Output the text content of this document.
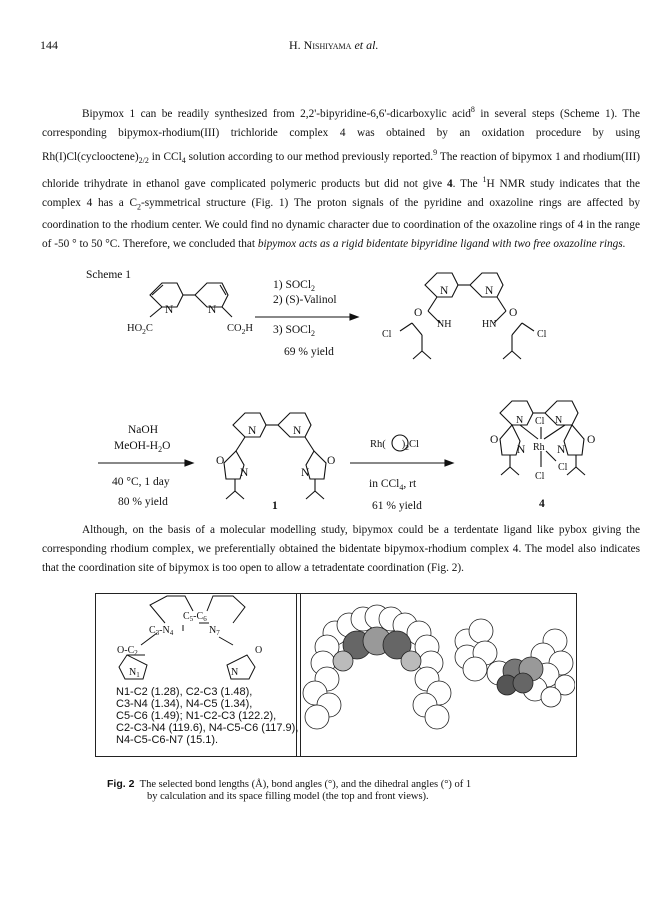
144	H. Nishiyama et al.
Bipymox 1 can be readily synthesized from 2,2'-bipyridine-6,6'-dicarboxylic acid$^8$ in several steps (Scheme 1). The corresponding bipymox-rhodium(III) trichloride complex 4 was obtained by an oxidation procedure by using $Rh(I)Cl(cyclooctene)_{2/2}$ in CCl$_4$ solution according to our method previously reported.$^9$ The reaction of bipymox 1 and rhodium(III) chloride trihydrate in ethanol gave complicated polymeric products but did not give 4. The $^1$H NMR study indicates that the complex 4 has a $C_2$-symmetrical structure (Fig. 1) The proton signals of the pyridine and oxazoline rings are affected by coordination to the rhodium center. We could find no dynamic character due to coordination of the oxazoline rings of 4 in the range of -50 ° to 50 °C. Therefore, we concluded that bipymox acts as a rigid bidentate bipyridine ligand with two free oxazoline rings.
Scheme 1
N	N
$HO_2C$	$CO_2H$
N	N
O	O
NH	HN
Cl	Cl
N	N
O	O
N	N
N	N
Cl
Rh
Cl
Cl
O	O
N	N
1) SOCl$_2$
2) (S)-Valinol
3) SOCl$_2$
69 % yield
NaOH
MeOH-$H_2O$
40 °C, 1 day
80 % yield	1
Rh( )$_2Cl$
in CCl$_4$, rt
61 % yield	4
Although, on the basis of a molecular modelling study, bipymox could be a terdentate ligand like pybox giving the corresponding rhodium complex, we preferentially obtained the bidentate bipymox-rhodium complex 4. The model also indicates that the coordination site of bipymox is too open to allow a tetradentate coordination (Fig. 2).
$C_5-C_6$
$C_3-N_4$	$N_7$
$O-C_2$
$N_1$
O
N
N1-C2 (1.28), C2-C3 (1.48),
C3-N4 (1.34), N4-C5 (1.34),
C5-C6 (1.49); N1-C2-C3 (122.2),
C2-C3-N4 (119.6), N4-C5-C6 (117.9),
N4-C5-C6-N7 (15.1).
Fig. 2 The selected bond lengths (Å), bond angles (°), and the dihedral angles (°) of 1
by calculation and its space filling model (the top and front views).
